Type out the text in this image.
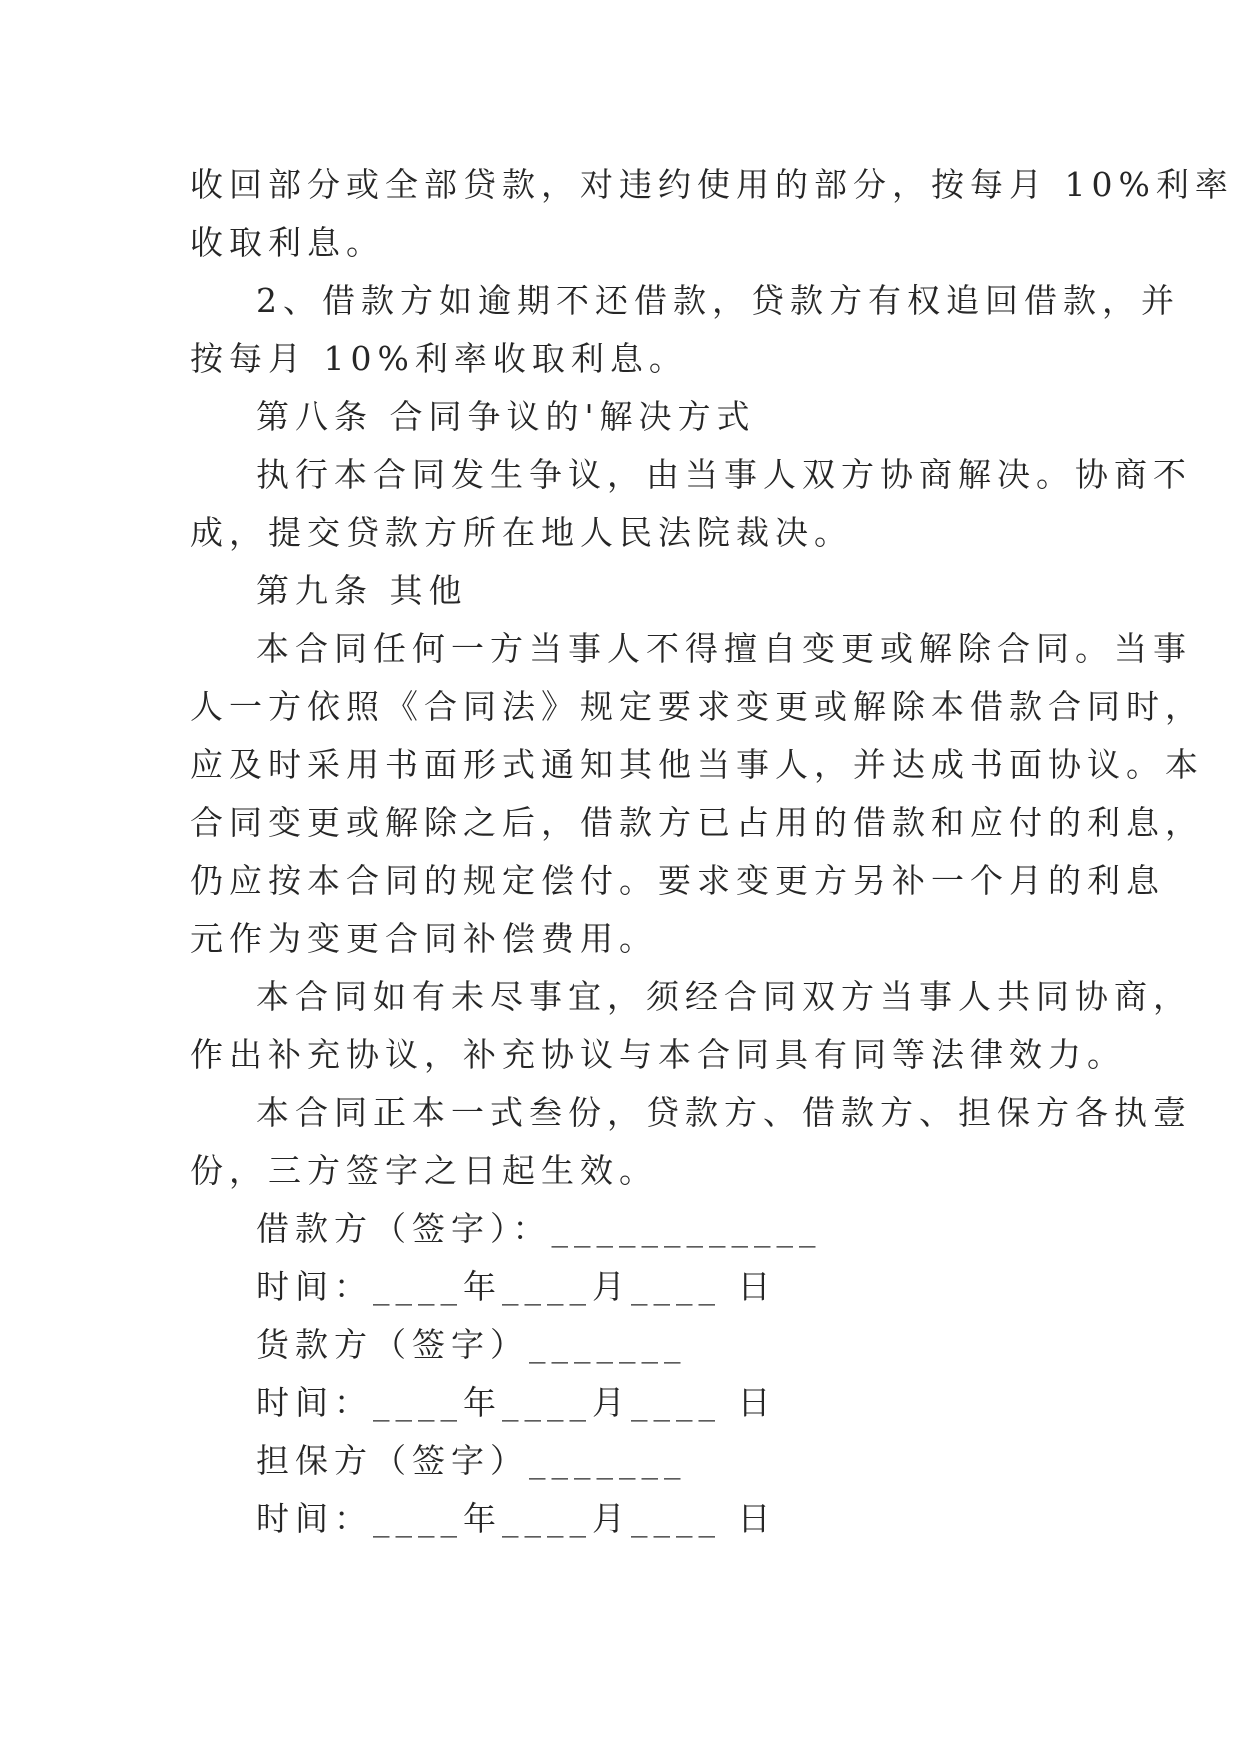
收回部分或全部贷款，对违约使用的部分，按每月 10%利率
收取利息。
2、借款方如逾期不还借款，贷款方有权追回借款，并
按每月 10%利率收取利息。
第八条 合同争议的'解决方式
执行本合同发生争议，由当事人双方协商解决。协商不
成，提交贷款方所在地人民法院裁决。
第九条 其他
本合同任何一方当事人不得擅自变更或解除合同。当事
人一方依照《合同法》规定要求变更或解除本借款合同时，
应及时采用书面形式通知其他当事人，并达成书面协议。本
合同变更或解除之后，借款方已占用的借款和应付的利息，
仍应按本合同的规定偿付。要求变更方另补一个月的利息
元作为变更合同补偿费用。
本合同如有未尽事宜，须经合同双方当事人共同协商，
作出补充协议，补充协议与本合同具有同等法律效力。
本合同正本一式叁份，贷款方、借款方、担保方各执壹
份，三方签字之日起生效。
借款方（签字）：____________
时间：____年____月____ 日
货款方（签字）_______
时间：____年____月____ 日
担保方（签字）_______
时间：____年____月____ 日
